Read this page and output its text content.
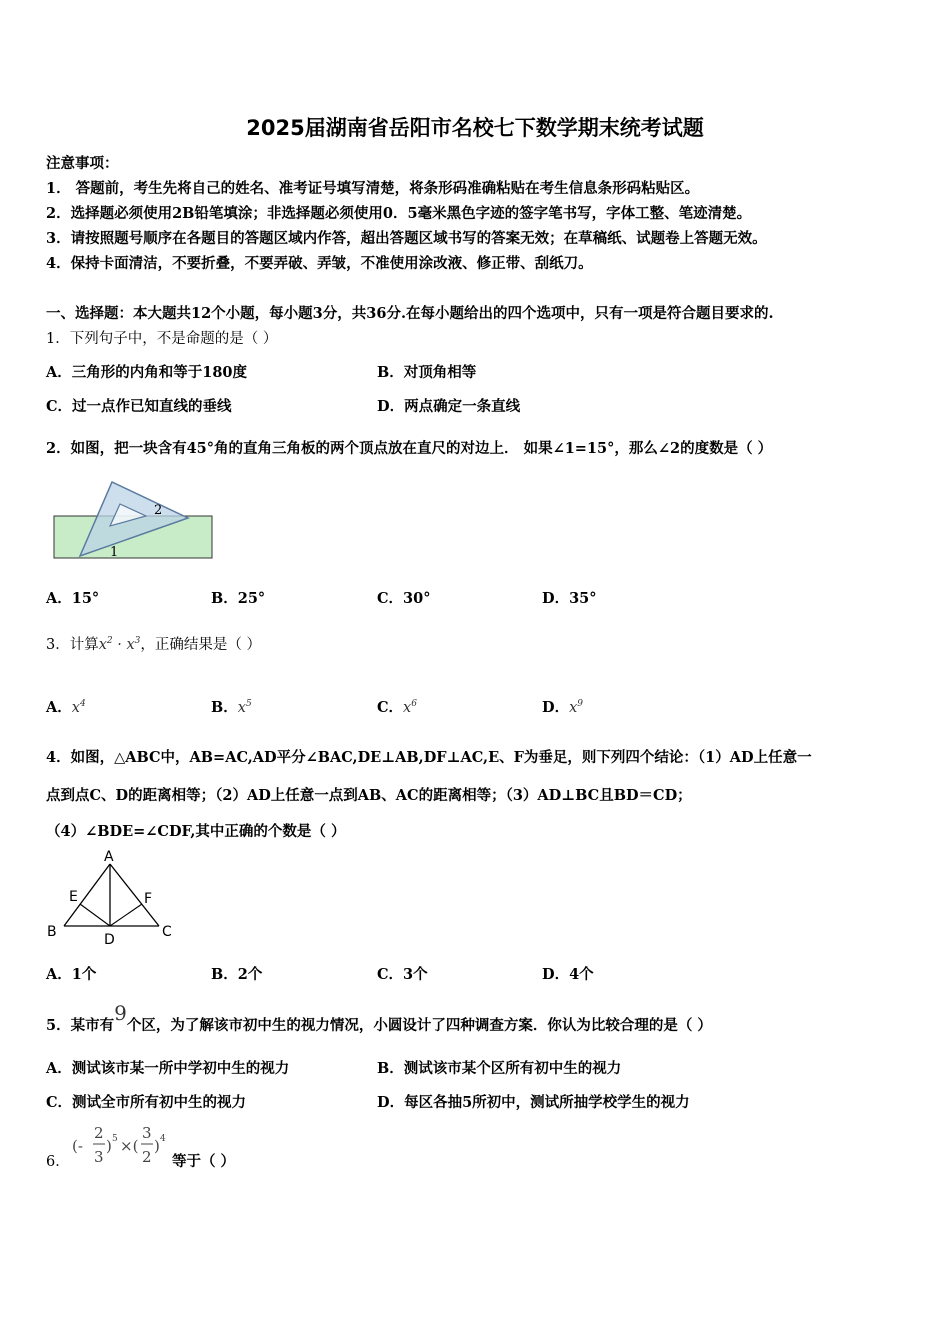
2025届湖南省岳阳市名校七下数学期末统考试题
注意事项：
1． 答题前，考生先将自己的姓名、准考证号填写清楚，将条形码准确粘贴在考生信息条形码粘贴区。
2．选择题必须使用2B铅笔填涂；非选择题必须使用0．5毫米黑色字迹的签字笔书写，字体工整、笔迹清楚。
3．请按照题号顺序在各题目的答题区域内作答，超出答题区域书写的答案无效；在草稿纸、试题卷上答题无效。
4．保持卡面清洁，不要折叠，不要弄破、弄皱，不准使用涂改液、修正带、刮纸刀。
一、选择题：本大题共12个小题，每小题3分，共36分.在每小题给出的四个选项中，只有一项是符合题目要求的.
1．下列句子中，不是命题的是（ ）
A．三角形的内角和等于180度	B．对顶角相等
C．过一点作已知直线的垂线	D．两点确定一条直线
2．如图，把一块含有45°角的直角三角板的两个顶点放在直尺的对边上． 如果∠1=15°，那么∠2的度数是（ ）
2
1
A．15°	B．25°	C．30°	D．35°
3．计算$x^2 \cdot x^3$，正确结果是（ ）
A．$x^4$	B．$x^5$	C．$x^6$	D．$x^9$
4．如图，△ABC中，AB=AC,AD平分∠BAC,DE⊥AB,DF⊥AC,E、F为垂足，则下列四个结论：（1）AD上任意一
点到点C、D的距离相等；（2）AD上任意一点到AB、AC的距离相等；（3）AD⊥BC且BD＝CD；
（4）∠BDE=∠CDF,其中正确的个数是（ ）
A
B	C
D
E	F
A．1个	B．2个	C．3个	D．4个
5．某市有9个区，为了解该市初中生的视力情况，小圆设计了四种调查方案．你认为比较合理的是（ ）
A．测试该市某一所中学初中生的视力	B．测试该市某个区所有初中生的视力
C．测试全市所有初中生的视力	D．每区各抽5所初中，测试所抽学校学生的视力
6．
(-
2
3
) 5 ×(
3
2
) 4
等于（ ）
